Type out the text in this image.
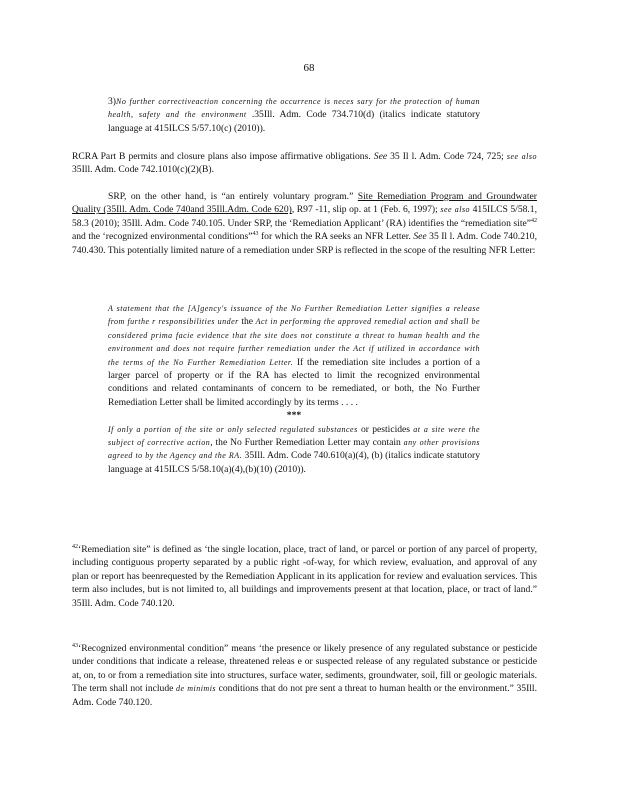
68

3)No further correctiveaction concerning the occurrence is neces sary for the protection of human health, safety and the environment .35Ill. Adm. Code 734.710(d) (italics indicate statutory language at 415ILCS 5/57.10(c) (2010)).

RCRA Part B permits and closure plans also impose affirmative obligations. See 35 Il l. Adm. Code 724, 725; see also 35Ill. Adm. Code 742.1010(c)(2)(B).

SRP, on the other hand, is “an entirely voluntary program.” Site Remediation Program and Groundwater Quality (35Ill. Adm. Code 740and 35Ill.Adm. Code 620), R97 -11, slip op. at 1 (Feb. 6, 1997); see also 415ILCS 5/58.1, 58.3 (2010); 35Ill. Adm. Code 740.105. Under SRP, the ‘Remediation Applicant’ (RA) identifies the “remediation site”$^{42}$ and the ‘recognized environmental conditions”$^{43}$ for which the RA seeks an NFR Letter. See 35 Il l. Adm. Code 740.210, 740.430. This potentially limited nature of a remediation under SRP is reflected in the scope of the resulting NFR Letter:

A statement that the [A]gency's issuance of the No Further Remediation Letter signifies a release from furthe r responsibilities under the Act in performing the approved remedial action and shall be considered prima facie evidence that the site does not constitute a threat to human health and the environment and does not require further remediation under the Act if utilized in accordance with the terms of the No Further Remediation Letter. If the remediation site includes a portion of a larger parcel of property or if the RA has elected to limit the recognized environmental conditions and related contaminants of concern to be remediated, or both, the No Further Remediation Letter shall be limited accordingly by its terms . . . .

***

If only a portion of the site or only selected regulated substances or pesticides at a site were the subject of corrective action, the No Further Remediation Letter may contain any other provisions agreed to by the Agency and the RA. 35Ill. Adm. Code 740.610(a)(4), (b) (italics indicate statutory language at 415ILCS 5/58.10(a)(4),(b)(10) (2010)).

$^{42}$‘Remediation site” is defined as ‘the single location, place, tract of land, or parcel or portion of any parcel of property, including contiguous property separated by a public right -of-way, for which review, evaluation, and approval of any plan or report has beenrequested by the Remediation Applicant in its application for review and evaluation services. This term also includes, but is not limited to, all buildings and improvements present at that location, place, or tract of land.” 35Ill. Adm. Code 740.120.

$^{43}$‘Recognized environmental condition” means ‘the presence or likely presence of any regulated substance or pesticide under conditions that indicate a release, threatened releas e or suspected release of any regulated substance or pesticide at, on, to or from a remediation site into structures, surface water, sediments, groundwater, soil, fill or geologic materials. The term shall not include de minimis conditions that do not pre sent a threat to human health or the environment.” 35Ill. Adm. Code 740.120.
